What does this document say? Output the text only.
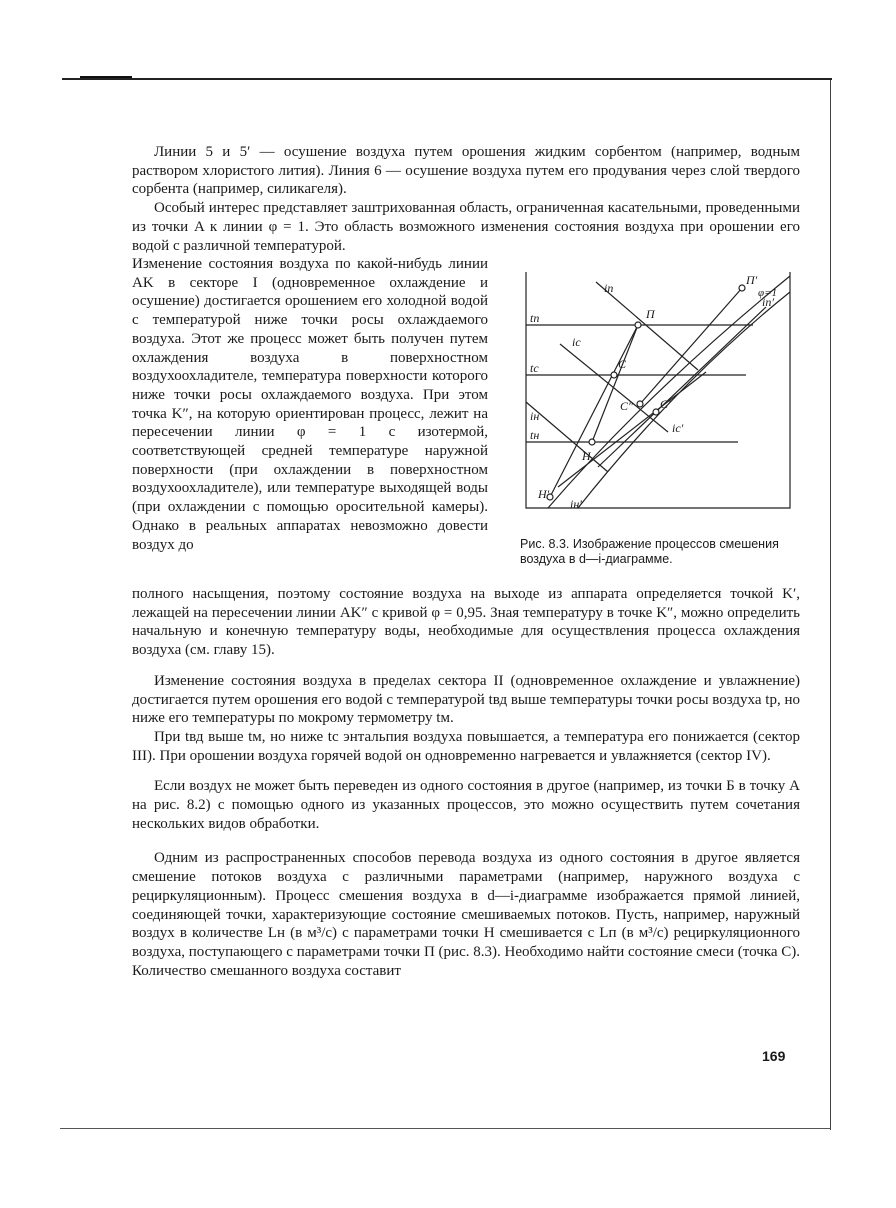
Линии 5 и 5′ — осушение воздуха путем орошения жидким сорбентом (например, водным раствором хлористого лития). Линия 6 — осушение воздуха путем его продувания через слой твердого сорбента (например, силикагеля).

Особый интерес представляет заштрихованная область, ограниченная касательными, проведенными из точки A к линии φ = 1. Это область возможного изменения состояния воздуха при орошении его водой с различной температурой.

Изменение состояния воздуха по какой-нибудь линии AK в секторе I (одновременное охлаждение и осушение) достигается орошением его холодной водой с температурой ниже точки росы охлаждаемого воздуха. Этот же процесс может быть получен путем охлаждения воздуха в поверхностном воздухоохладителе, температура поверхности которого ниже точки росы охлаждаемого воздуха. При этом точка K″, на которую ориентирован процесс, лежит на пересечении линии φ = 1 с изотермой, соответствующей средней температуре наружной поверхности (при охлаждении в поверхностном воздухоохладителе), или температуре выходящей воды (при охлаждении с помощью оросительной камеры). Однако в реальных аппаратах невозможно довести воздух до

tп
tс
tн
iп
iс
iн
П
С
Н
П′
С′
С″
Н′
iс′
iп′
iн′
φ=1
Рис. 8.3. Изображение процессов смешения воздуха в d—i-диаграмме.

полного насыщения, поэтому состояние воздуха на выходе из аппарата определяется точкой K′, лежащей на пересечении линии AK″ с кривой φ = 0,95. Зная температуру в точке K″, можно определить начальную и конечную температуру воды, необходимые для осуществления процесса охлаждения воздуха (см. главу 15).

Изменение состояния воздуха в пределах сектора II (одновременное охлаждение и увлажнение) достигается путем орошения его водой с температурой tвд выше температуры точки росы воздуха tр, но ниже его температуры по мокрому термометру tм.

При tвд выше tм, но ниже tс энтальпия воздуха повышается, а температура его понижается (сектор III). При орошении воздуха горячей водой он одновременно нагревается и увлажняется (сектор IV).

Если воздух не может быть переведен из одного состояния в другое (например, из точки Б в точку A на рис. 8.2) с помощью одного из указанных процессов, это можно осуществить путем сочетания нескольких видов обработки.

Одним из распространенных способов перевода воздуха из одного состояния в другое является смешение потоков воздуха с различными параметрами (например, наружного воздуха с рециркуляционным). Процесс смешения воздуха в d—i-диаграмме изображается прямой линией, соединяющей точки, характеризующие состояние смешиваемых потоков. Пусть, например, наружный воздух в количестве Lн (в м³/с) с параметрами точки Н смешивается с Lп (в м³/с) рециркуляционного воздуха, поступающего с параметрами точки П (рис. 8.3). Необходимо найти состояние смеси (точка С). Количество смешанного воздуха составит

169
